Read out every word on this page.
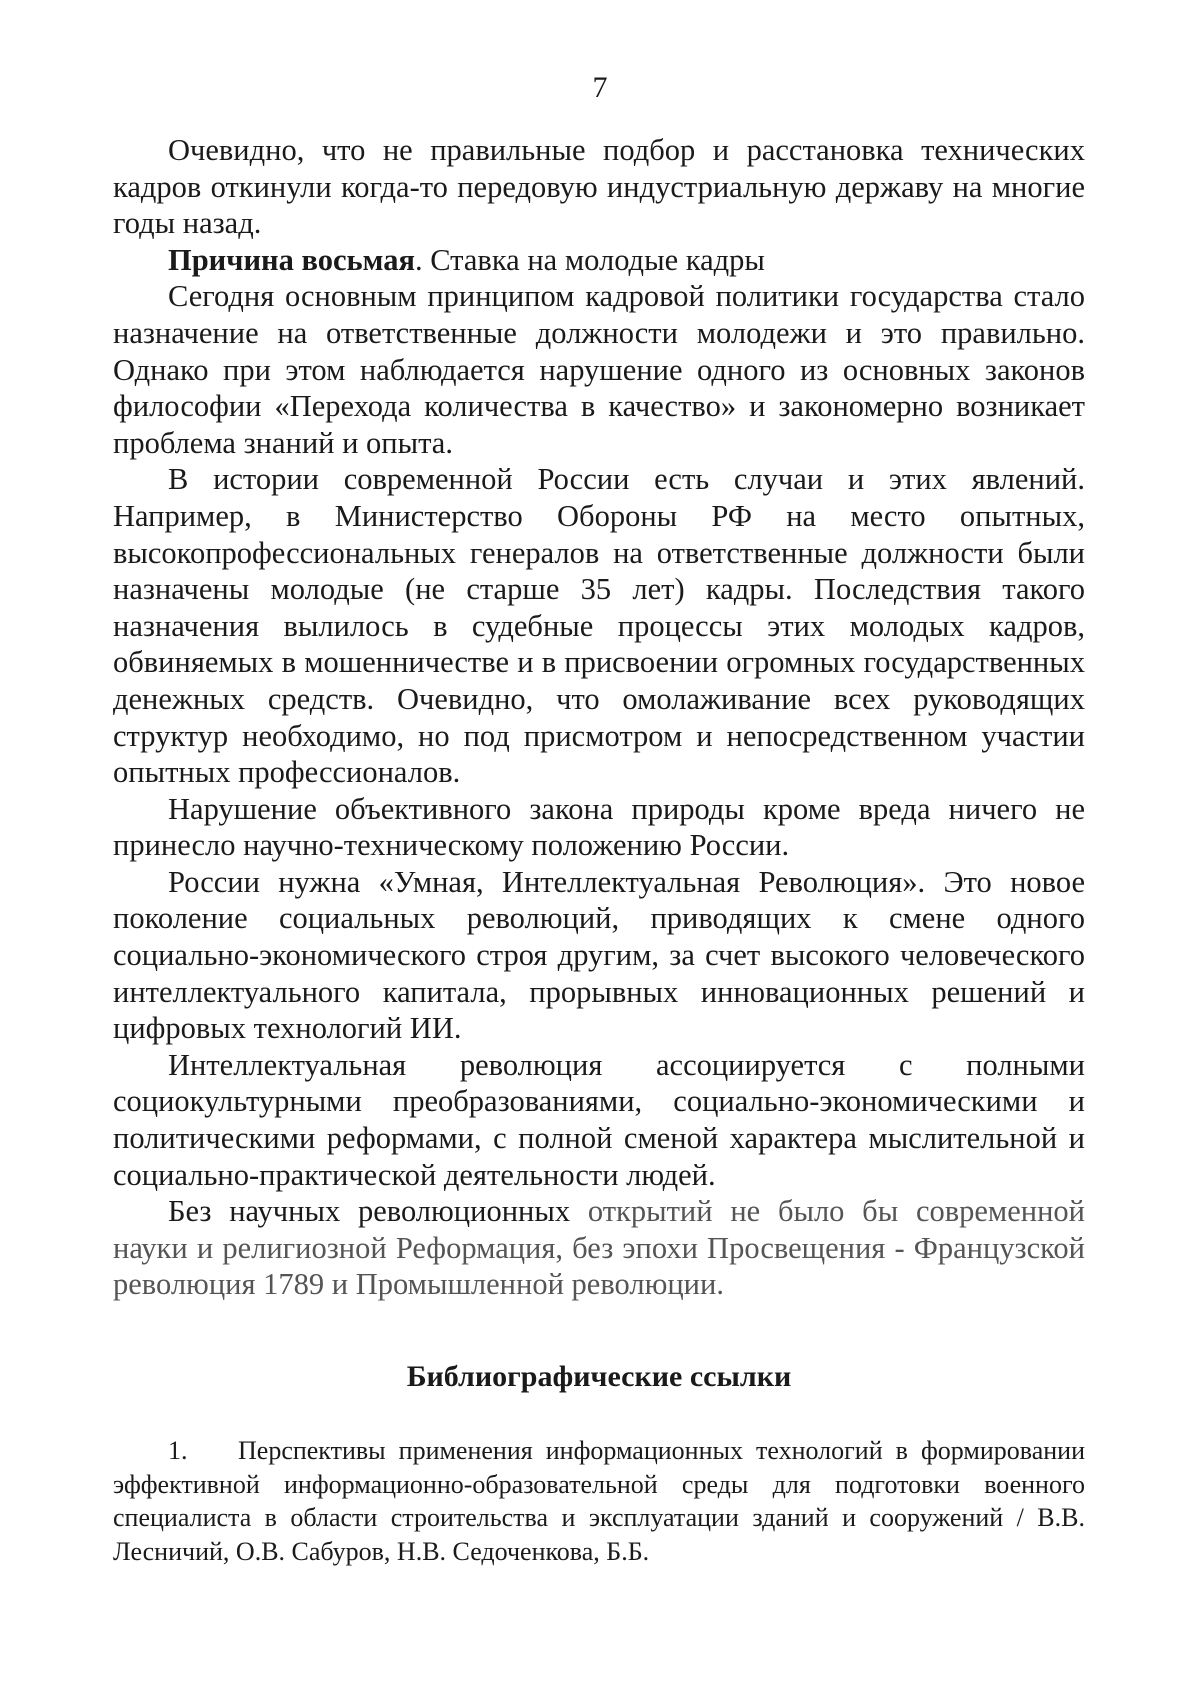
7

Очевидно, что не правильные подбор и расстановка технических кадров откинули когда-то передовую индустриальную державу на многие годы назад.

Причина восьмая. Ставка на молодые кадры

Сегодня основным принципом кадровой политики государства стало назначение на ответственные должности молодежи и это правильно. Однако при этом наблюдается нарушение одного из основных законов философии «Перехода количества в качество» и закономерно возникает проблема знаний и опыта.

В истории современной России есть случаи и этих явлений. Например, в Министерство Обороны РФ на место опытных, высокопрофессиональных генералов на ответственные должности были назначены молодые (не старше 35 лет) кадры. Последствия такого назначения вылилось в судебные процессы этих молодых кадров, обвиняемых в мошенничестве и в присвоении огромных государственных денежных средств. Очевидно, что омолаживание всех руководящих структур необходимо, но под присмотром и непосредственном участии опытных профессионалов.

Нарушение объективного закона природы кроме вреда ничего не принесло научно-техническому положению России.

России нужна «Умная, Интеллектуальная Революция». Это новое поколение социальных революций, приводящих к смене одного социально-экономического строя другим, за счет высокого человеческого интеллектуального капитала, прорывных инновационных решений и цифровых технологий ИИ.

Интеллектуальная революция ассоциируется с полными социокультурными преобразованиями, социально-экономическими и политическими реформами, с полной сменой характера мыслительной и социально-практической деятельности людей.

Без научных революционных открытий не было бы современной науки и религиозной Реформация, без эпохи Просвещения - Французской революция 1789 и Промышленной революции.

Библиографические ссылки

1. Перспективы применения информационных технологий в формировании эффективной информационно-образовательной среды для подготовки военного специалиста в области строительства и эксплуатации зданий и сооружений / В.В. Лесничий, О.В. Сабуров, Н.В. Седоченкова, Б.Б.
